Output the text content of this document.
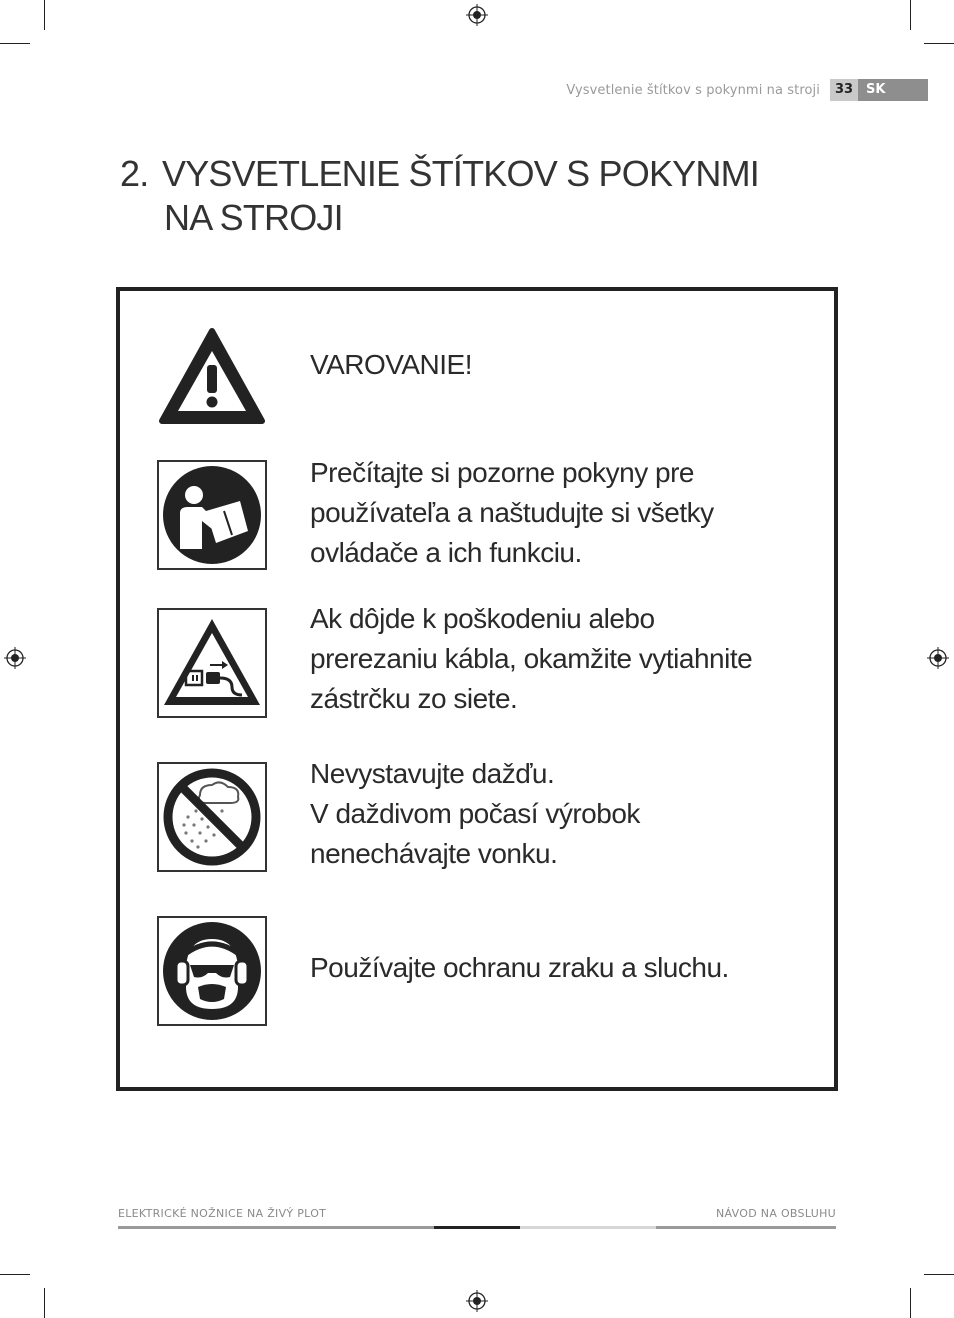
Vysvetlenie štítkov s pokynmi na stroji	33 SK
2. VYSVETLENIE ŠTÍTKOV S POKYNMI
NA STROJI
VAROVANIE!
Prečítajte si pozorne pokyny pre
používateľa a naštudujte si všetky
ovládače a ich funkciu.
Ak dôjde k poškodeniu alebo
prerezaniu kábla, okamžite vytiahnite
zástrčku zo siete.
Nevystavujte dažďu.
V daždivom počasí výrobok
nenechávajte vonku.
Používajte ochranu zraku a sluchu.
ELEKTRICKÉ NOŽNICE NA ŽIVÝ PLOT	NÁVOD NA OBSLUHU
